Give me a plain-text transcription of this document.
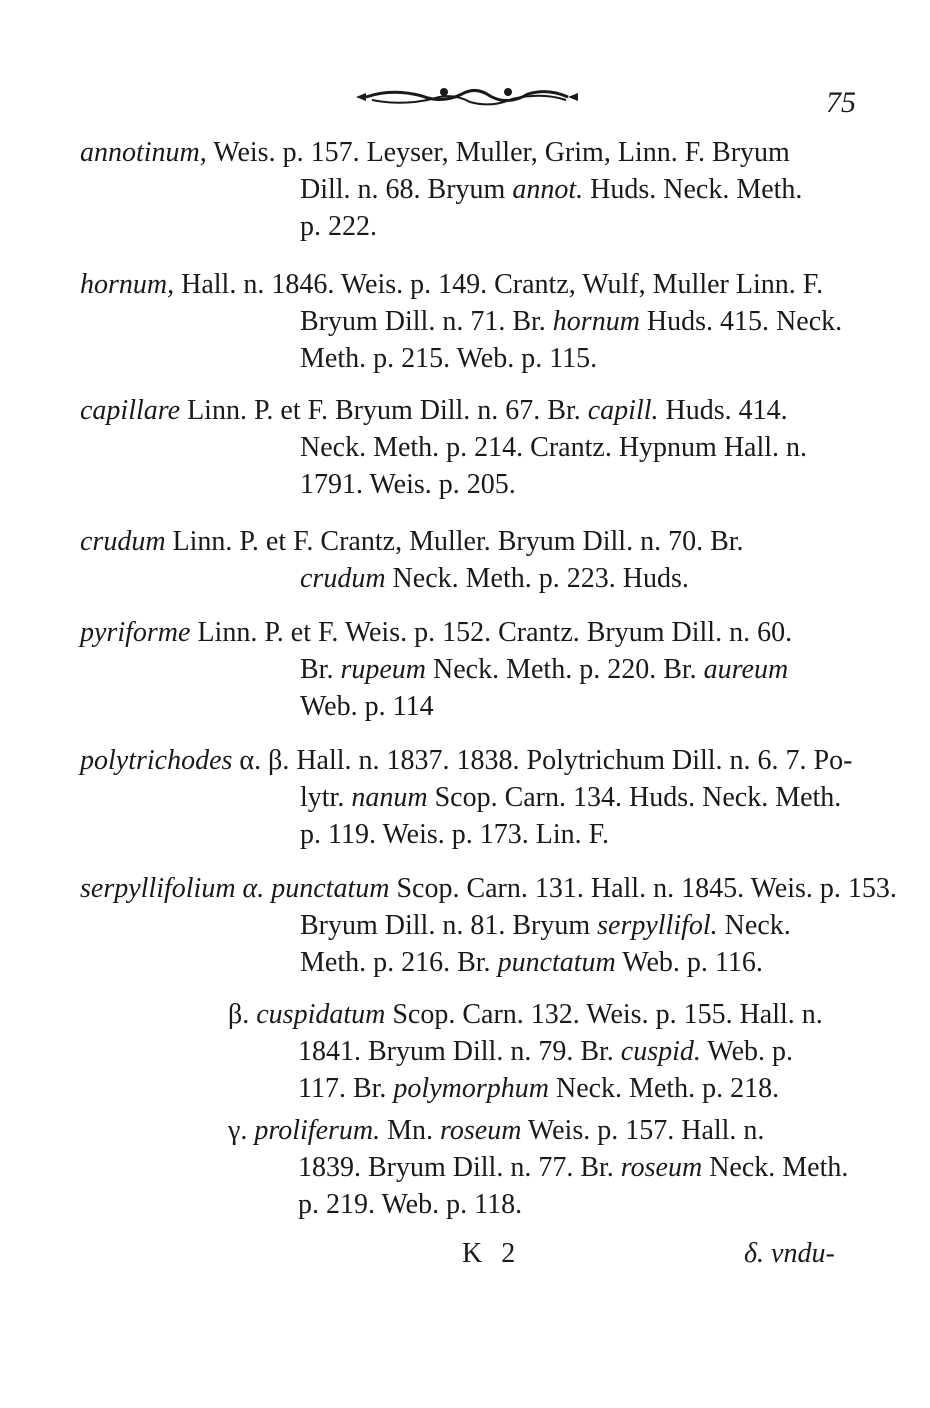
75
annotinum, Weis. p. 157. Leyser, Muller, Grim, Linn. F. Bryum
Dill. n. 68. Bryum annot. Huds. Neck. Meth.
p. 222.
hornum, Hall. n. 1846. Weis. p. 149. Crantz, Wulf, Muller Linn. F.
Bryum Dill. n. 71. Br. hornum Huds. 415. Neck.
Meth. p. 215. Web. p. 115.
capillare Linn. P. et F. Bryum Dill. n. 67. Br. capill. Huds. 414.
Neck. Meth. p. 214. Crantz. Hypnum Hall. n.
1791. Weis. p. 205.
crudum Linn. P. et F. Crantz, Muller. Bryum Dill. n. 70. Br.
crudum Neck. Meth. p. 223. Huds.
pyriforme Linn. P. et F. Weis. p. 152. Crantz. Bryum Dill. n. 60.
Br. rupeum Neck. Meth. p. 220. Br. aureum
Web. p. 114
polytrichodes α. β. Hall. n. 1837. 1838. Polytrichum Dill. n. 6. 7. Po-
lytr. nanum Scop. Carn. 134. Huds. Neck. Meth.
p. 119. Weis. p. 173. Lin. F.
serpyllifolium α. punctatum Scop. Carn. 131. Hall. n. 1845. Weis. p. 153.
Bryum Dill. n. 81. Bryum serpyllifol. Neck.
Meth. p. 216. Br. punctatum Web. p. 116.
β. cuspidatum Scop. Carn. 132. Weis. p. 155. Hall. n.
1841. Bryum Dill. n. 79. Br. cuspid. Web. p.
117. Br. polymorphum Neck. Meth. p. 218.
γ. proliferum. Mn. roseum Weis. p. 157. Hall. n.
1839. Bryum Dill. n. 77. Br. roseum Neck. Meth.
p. 219. Web. p. 118.
K 2	δ. vndu-
